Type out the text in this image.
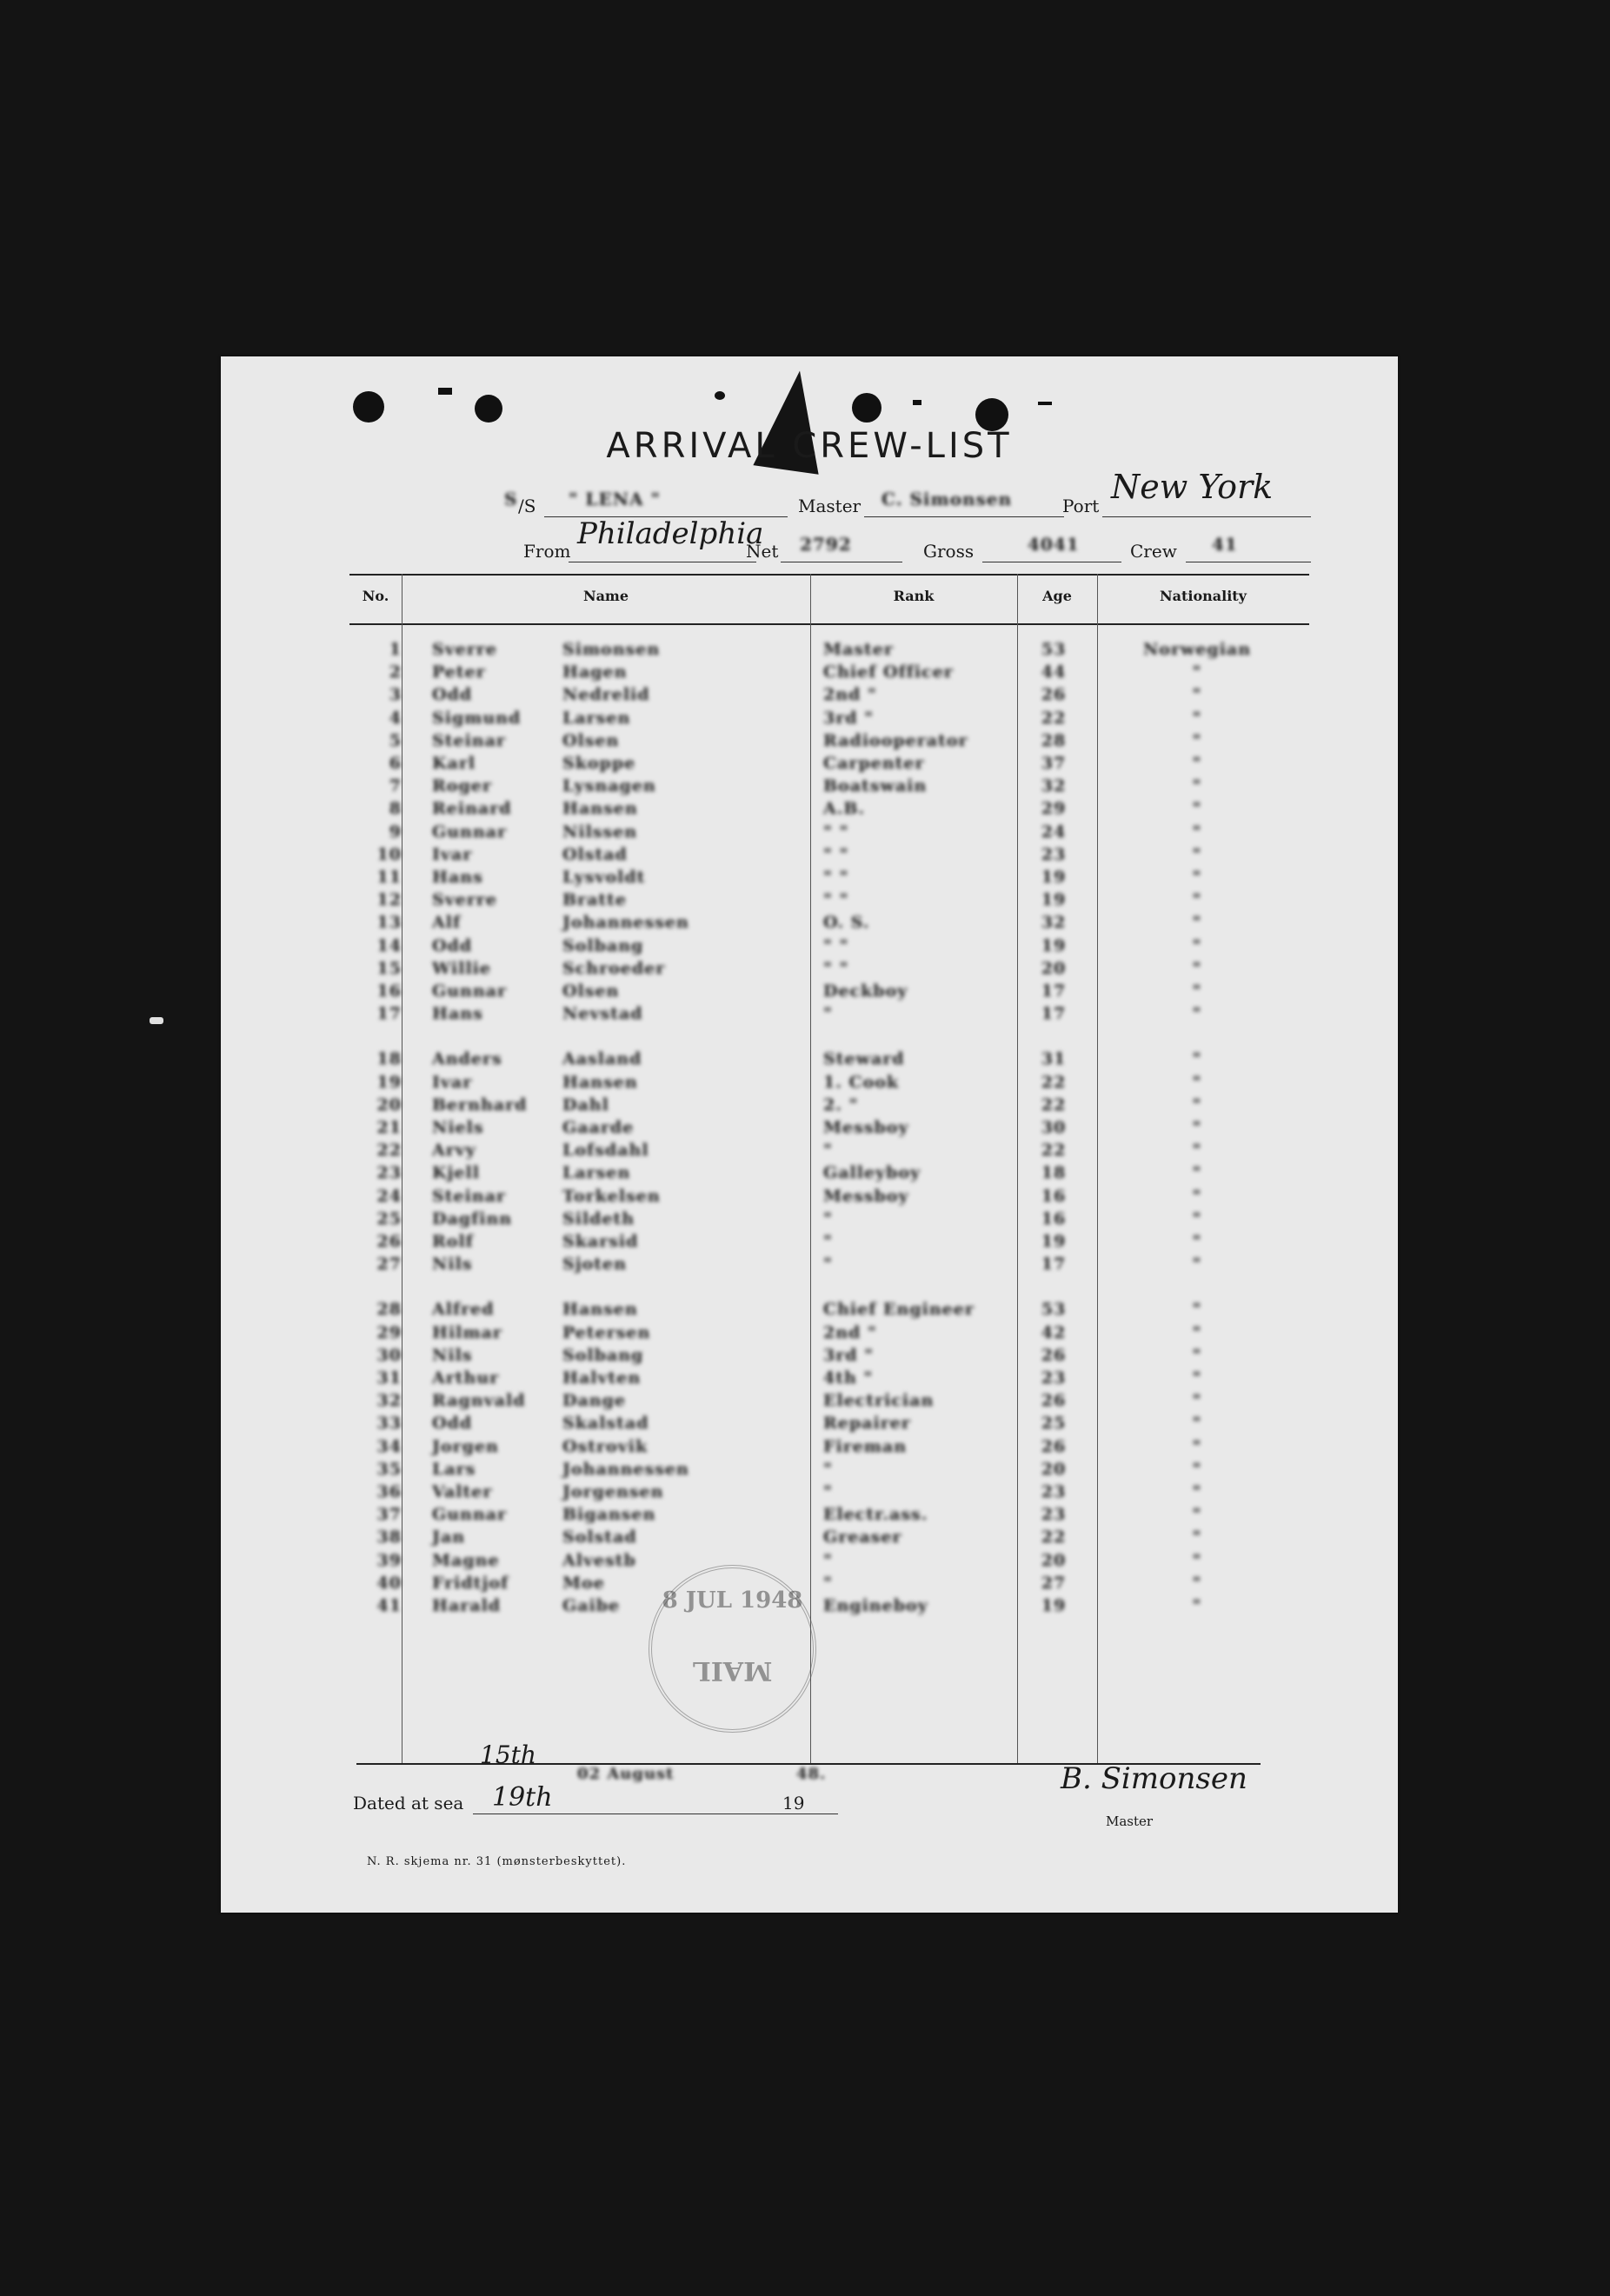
ARRIVAL CREW-LIST
S /S " LENA "	Master C. Simonsen	Port New York
From Philadelphia
Net 2792	Gross	4041	Crew 41
No.	Name	Rank	Age	Nationality
1 Sverre	Simonsen	Master	53	Norwegian
2 Peter	Hagen	Chief Officer	44	"
3 Odd	Nedrelid	2nd "	26	"
4 Sigmund	Larsen	3rd "	22	"
5 Steinar	Olsen	Radiooperator	28	"
6 Karl	Skoppe	Carpenter	37	"
7 Roger	Lysnagen	Boatswain	32	"
8 Reinard	Hansen	A.B.	29	"
9 Gunnar	Nilssen	" "	24	"
10 Ivar	Olstad	" "	23	"
11 Hans	Lysvoldt	" "	19	"
12 Sverre	Bratte	" "	19	"
13 Alf	Johannessen	O. S.	32	"
14 Odd	Solbang	" "	19	"
15 Willie	Schroeder	" "	20	"
16 Gunnar	Olsen	Deckboy	17	"
17 Hans	Nevstad	"	17	"
18 Anders	Aasland	Steward	31	"
19 Ivar	Hansen	1. Cook	22	"
20 Bernhard Dahl	2. "	22	"
21 Niels	Gaarde	Messboy	30	"
22 Arvy	Lofsdahl	"	22	"
23 Kjell	Larsen	Galleyboy	18	"
24 Steinar	Torkelsen	Messboy	16	"
25 Dagfinn	Sildeth	"	16	"
26 Rolf	Skarsid	"	19	"
27 Nils	Sjoten	"	17	"
28 Alfred	Hansen	Chief Engineer	53	"
29 Hilmar	Petersen	2nd "	42	"
30 Nils	Solbang	3rd "	26	"
31 Arthur	Halvten	4th "	23	"
32 Ragnvald Dange	Electrician	26	"
33 Odd	Skalstad	Repairer	25	"
34 Jorgen	Ostrovik	Fireman	26	"
35 Lars	Johannessen	"	20	"
36 Valter	Jorgensen	"	23	"
37 Gunnar	Bigansen	Electr.ass.	23	"
38 Jan	Solstad	Greaser	22	"
39 Magne	Alvestb	"	20	"
40 Fridtjof	Moe	"	27	"
41 Harald	Gaibe	Engineboy	19	"
8 JUL 1948
MAIL
Dated at sea
15th
19th
02 August
19
48.	B. Simonsen
Master
N. R. skjema nr. 31 (mønsterbeskyttet).
